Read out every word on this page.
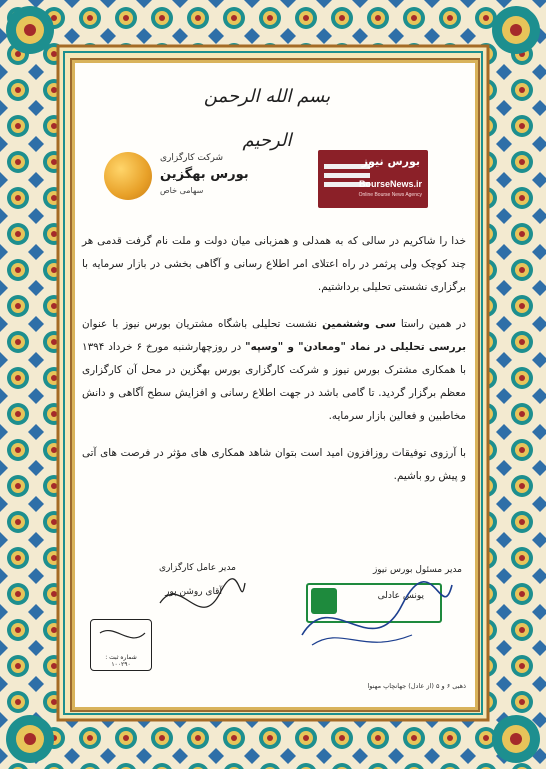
بسم الله الرحمن الرحيم
بورس نیوز
BourseNews.ir
Online Bourse News Agency
شرکت کارگزاری
بورس بهگزین
سهامی خاص

خدا را شاکریم در سالی که به همدلی و همزبانی میان دولت و ملت نام گرفت قدمی هر چند کوچک ولی پرثمر در راه اعتلای امر اطلاع رسانی و آگاهی بخشی در بازار سرمایه با برگزاری نشستی تحلیلی برداشتیم.

در همین راستا سی وششمین نشست تحلیلی باشگاه مشتریان بورس نیوز با عنوان بررسی تحلیلی در نماد "ومعادن" و "وسپه" در روزچهارشنبه مورخ ۶ خرداد ۱۳۹۴ با همکاری مشترک بورس نیوز و شرکت کارگزاری بورس بهگزین در محل آن کارگزاری معظم برگزار گردید. تا گامی باشد در جهت اطلاع رسانی و افزایش سطح آگاهی و دانش مخاطبین و فعالین بازار سرمایه.

با آرزوی توفیقات روزافزون امید است بتوان شاهد همکاری های مؤثر در فرصت های آتی و پیش رو باشیم.

مدیر مسئول بورس نیوز
یونس عادلی
مدیر عامل کارگزاری
آقای روشن پور
شماره ثبت : ۱۰۰۲۹۰
ذهبی ۶ و ۵ (از عادل) جهانچاپ مهنوا
